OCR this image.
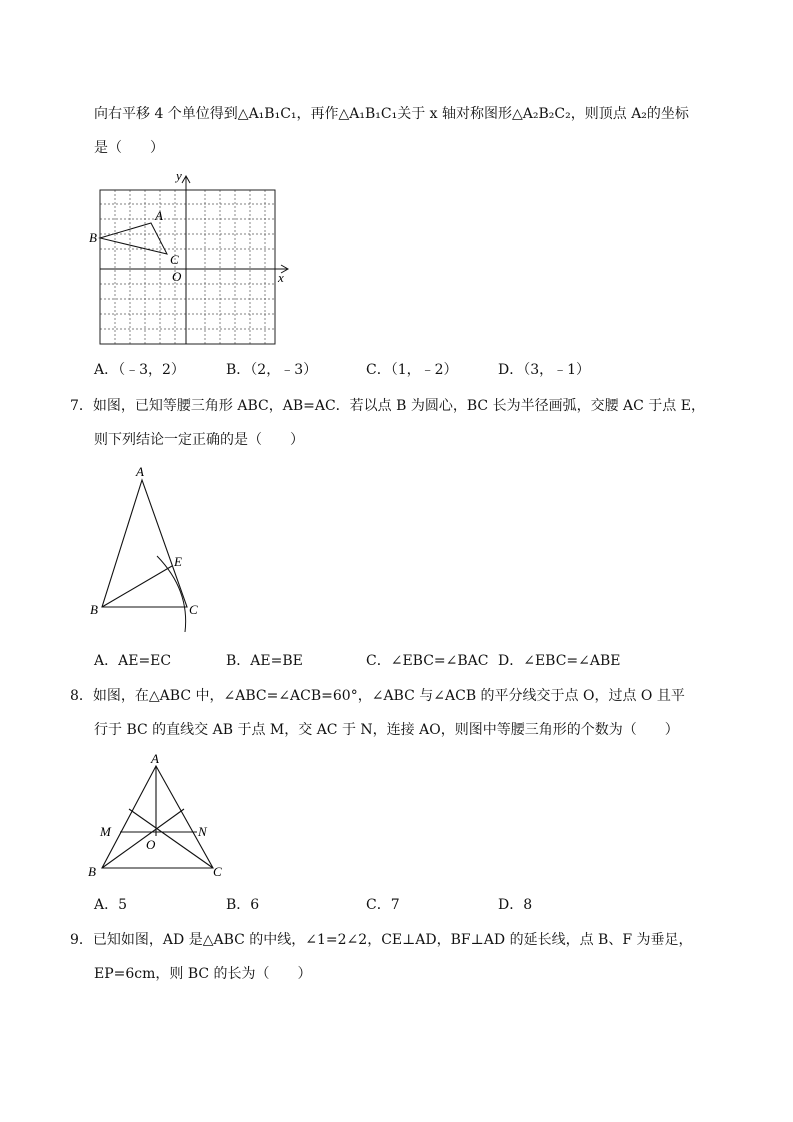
向右平移 4 个单位得到△A₁B₁C₁，再作△A₁B₁C₁关于 x 轴对称图形△A₂B₂C₂，则顶点 A₂的坐标
是（　　）
y
x
A
B
C
O
A．（﹣3，2）	B．（2，﹣3）	C．（1，﹣2）	D．（3，﹣1）
7．如图，已知等腰三角形 ABC，AB=AC．若以点 B 为圆心，BC 长为半径画弧，交腰 AC 于点 E，
则下列结论一定正确的是（　　）
A
B	C
E
A．AE=EC	B．AE=BE	C．∠EBC=∠BAC D．∠EBC=∠ABE
8．如图，在△ABC 中，∠ABC=∠ACB=60°，∠ABC 与∠ACB 的平分线交于点 O，过点 O 且平
行于 BC 的直线交 AB 于点 M，交 AC 于 N，连接 AO，则图中等腰三角形的个数为（　　）
A
M	N
O
B	C
A．5	B．6	C．7	D．8
9．已知如图，AD 是△ABC 的中线，∠1=2∠2，CE⊥AD，BF⊥AD 的延长线，点 B、F 为垂足，
EP=6cm，则 BC 的长为（　　）
